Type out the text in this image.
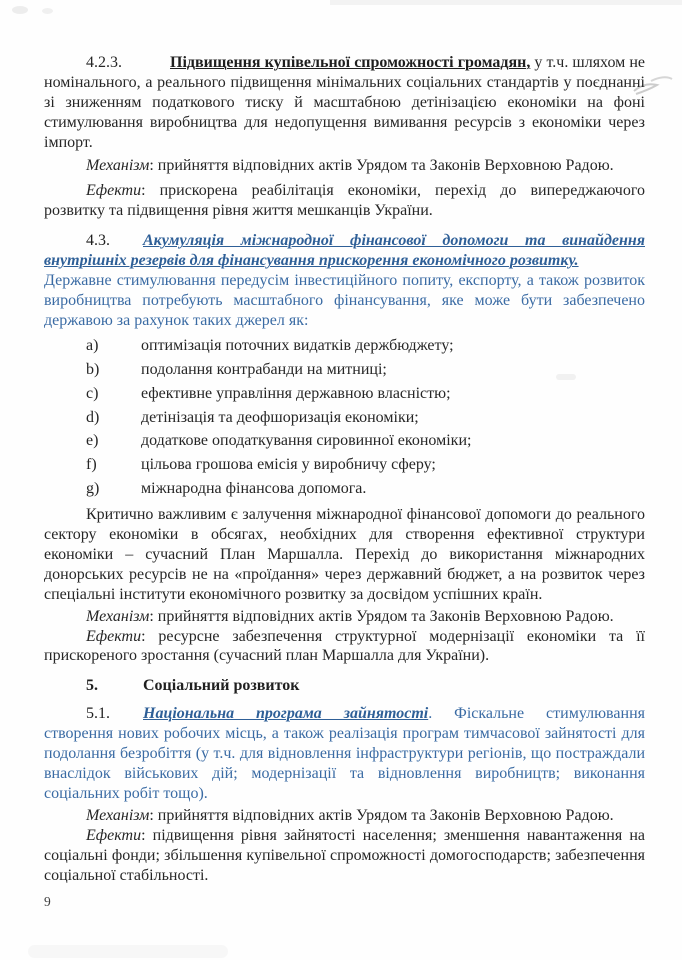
4.2.3.	Підвищення купівельної спроможності громадян, у т.ч. шляхом не номінального, а реального підвищення мінімальних соціальних стандартів у поєднанні зі зниженням податкового тиску й масштабною детінізацією економіки на фоні стимулювання виробництва для недопущення вимивання ресурсів з економіки через імпорт.

Механізм: прийняття відповідних актів Урядом та Законів Верховною Радою.

Ефекти: прискорена реабілітація економіки, перехід до випереджаючого розвитку та підвищення рівня життя мешканців України.

4.3. Акумуляція міжнародної фінансової допомоги та винайдення внутрішніх резервів для фінансування прискорення економічного розвитку.

Державне стимулювання передусім інвестиційного попиту, експорту, а також розвиток виробництва потребують масштабного фінансування, яке може бути забезпечено державою за рахунок таких джерел як:

a)	оптимізація поточних видатків держбюджету;

b)	подолання контрабанди на митниці;

c)	ефективне управління державною власністю;

d)	детінізація та деофшоризація економіки;

e)	додаткове оподаткування сировинної економіки;

f)	цільова грошова емісія у виробничу сферу;

g)	міжнародна фінансова допомога.

Критично важливим є залучення міжнародної фінансової допомоги до реального сектору економіки в обсягах, необхідних для створення ефективної структури економіки – сучасний План Маршалла. Перехід до використання міжнародних донорських ресурсів не на «проїдання» через державний бюджет, а на розвиток через спеціальні інститути економічного розвитку за досвідом успішних країн.

Механізм: прийняття відповідних актів Урядом та Законів Верховною Радою.

Ефекти: ресурсне забезпечення структурної модернізації економіки та її прискореного зростання (сучасний план Маршалла для України).

5.	Соціальний розвиток

5.1. Національна програма зайнятості. Фіскальне стимулювання створення нових робочих місць, а також реалізація програм тимчасової зайнятості для подолання безробіття (у т.ч. для відновлення інфраструктури регіонів, що постраждали внаслідок військових дій; модернізації та відновлення виробництв; виконання соціальних робіт тощо).

Механізм: прийняття відповідних актів Урядом та Законів Верховною Радою.

Ефекти: підвищення рівня зайнятості населення; зменшення навантаження на соціальні фонди; збільшення купівельної спроможності домогосподарств; забезпечення соціальної стабільності.

9
